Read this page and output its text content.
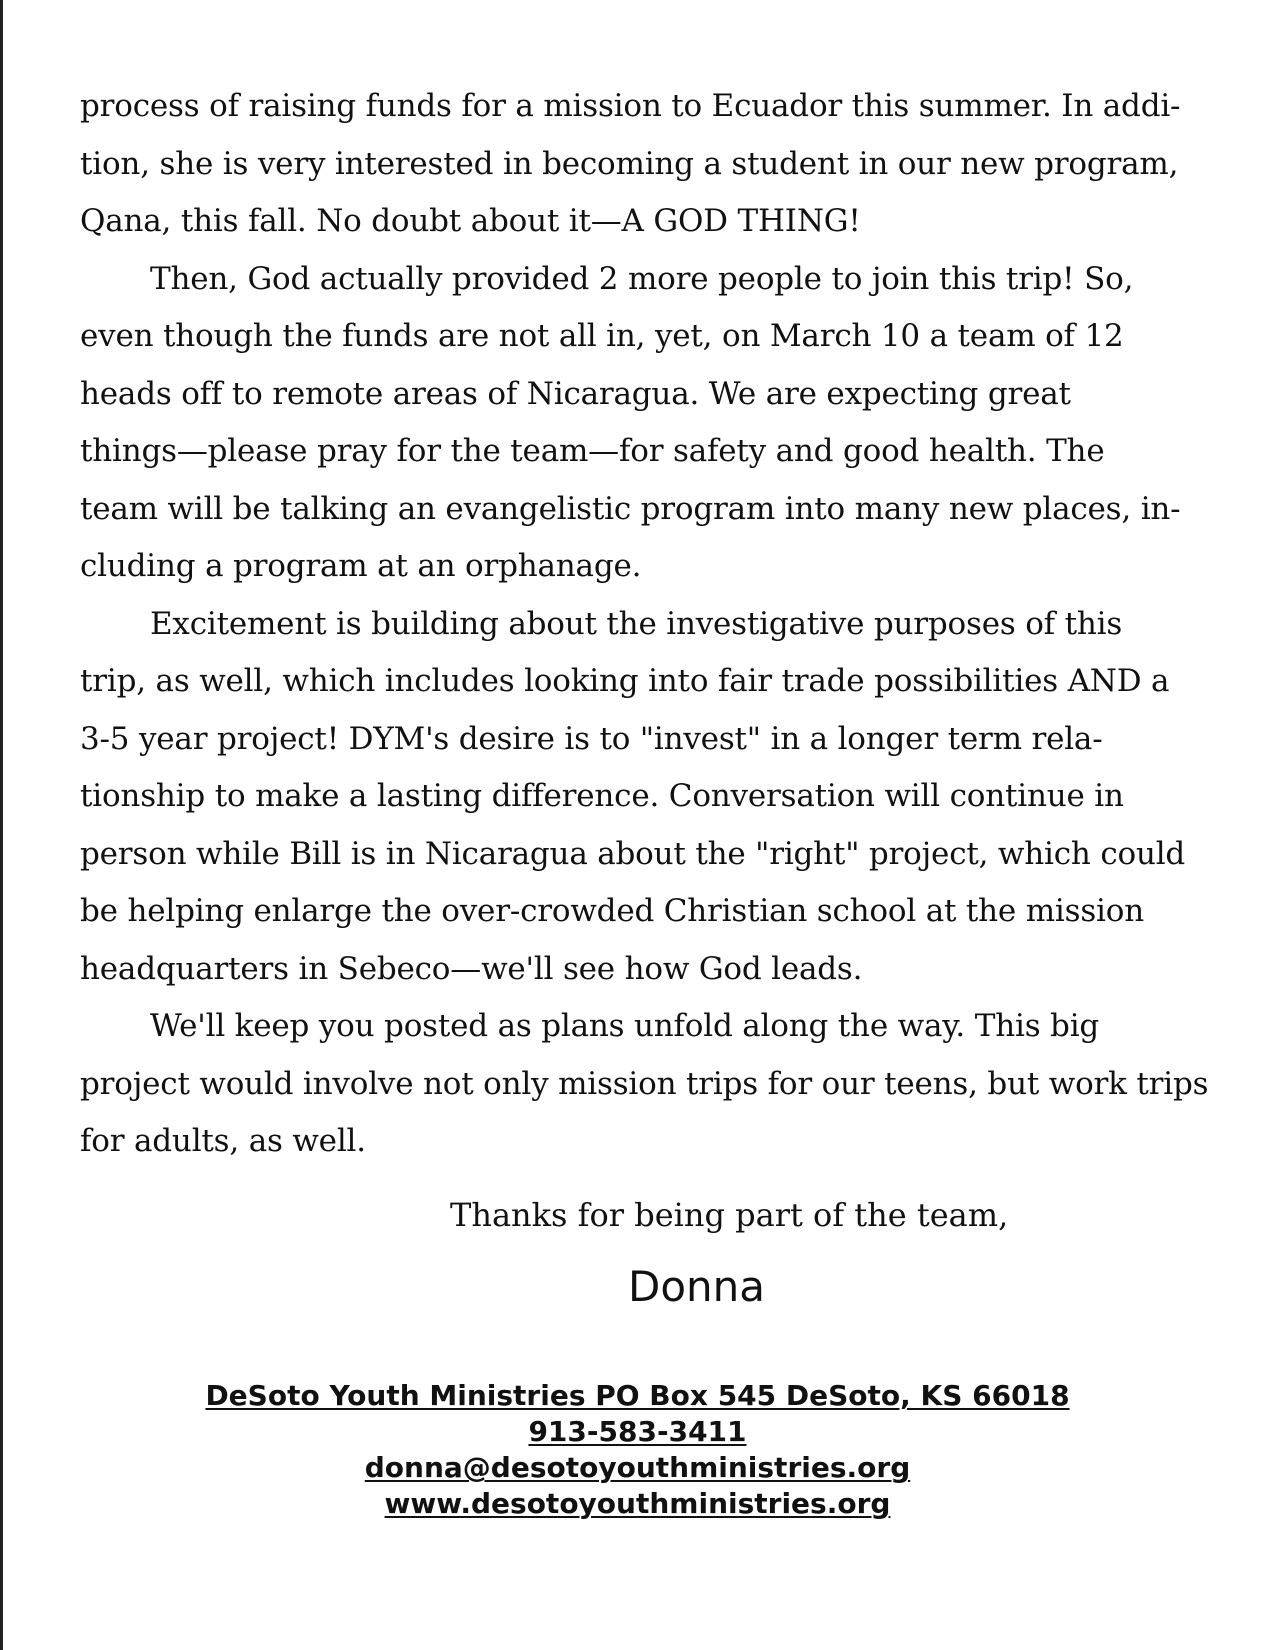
process of raising funds for a mission to Ecuador this summer. In addi-
tion, she is very interested in becoming a student in our new program,
Qana, this fall. No doubt about it—A GOD THING!
Then, God actually provided 2 more people to join this trip! So,
even though the funds are not all in, yet, on March 10 a team of 12
heads off to remote areas of Nicaragua. We are expecting great
things—please pray for the team—for safety and good health. The
team will be talking an evangelistic program into many new places, in-
cluding a program at an orphanage.
Excitement is building about the investigative purposes of this
trip, as well, which includes looking into fair trade possibilities AND a
3-5 year project! DYM's desire is to "invest" in a longer term rela-
tionship to make a lasting difference. Conversation will continue in
person while Bill is in Nicaragua about the "right" project, which could
be helping enlarge the over-crowded Christian school at the mission
headquarters in Sebeco—we'll see how God leads.
We'll keep you posted as plans unfold along the way. This big
project would involve not only mission trips for our teens, but work trips
for adults, as well.
Thanks for being part of the team,
Donna
DeSoto Youth Ministries PO Box 545 DeSoto, KS 66018
913-583-3411
donna@desotoyouthministries.org
www.desotoyouthministries.org
